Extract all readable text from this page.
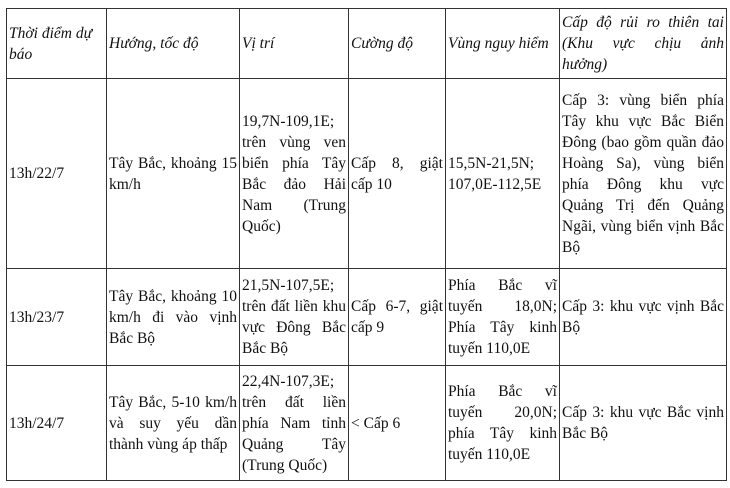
Thời điểm dự báo	Hướng, tốc độ	Vị trí	Cường độ	Vùng nguy hiểm	Cấp độ rủi ro thiên tai (Khu vực chịu ảnh hưởng)
13h/22/7	Tây Bắc, khoảng 15 km/h	19,7N-109,1E; trên vùng ven biển phía Tây Bắc đảo Hải Nam (Trung Quốc)	Cấp 8, giật cấp 10	15,5N-21,5N; 107,0E-112,5E	Cấp 3: vùng biển phía Tây khu vực Bắc Biển Đông (bao gồm quần đảo Hoàng Sa), vùng biển phía Đông khu vực Quảng Trị đến Quảng Ngãi, vùng biển vịnh Bắc Bộ
13h/23/7	Tây Bắc, khoảng 10 km/h đi vào vịnh Bắc Bộ	21,5N-107,5E; trên đất liền khu vực Đông Bắc Bắc Bộ	Cấp 6-7, giật cấp 9	Phía Bắc vĩ tuyến 18,0N; Phía Tây kinh tuyến 110,0E	Cấp 3: khu vực vịnh Bắc Bộ
13h/24/7	Tây Bắc, 5-10 km/h và suy yếu dần thành vùng áp thấp	22,4N-107,3E; trên đất liền phía Nam tỉnh Quảng Tây (Trung Quốc)	< Cấp 6	Phía Bắc vĩ tuyến 20,0N; phía Tây kinh tuyến 110,0E	Cấp 3: khu vực Bắc vịnh Bắc Bộ
